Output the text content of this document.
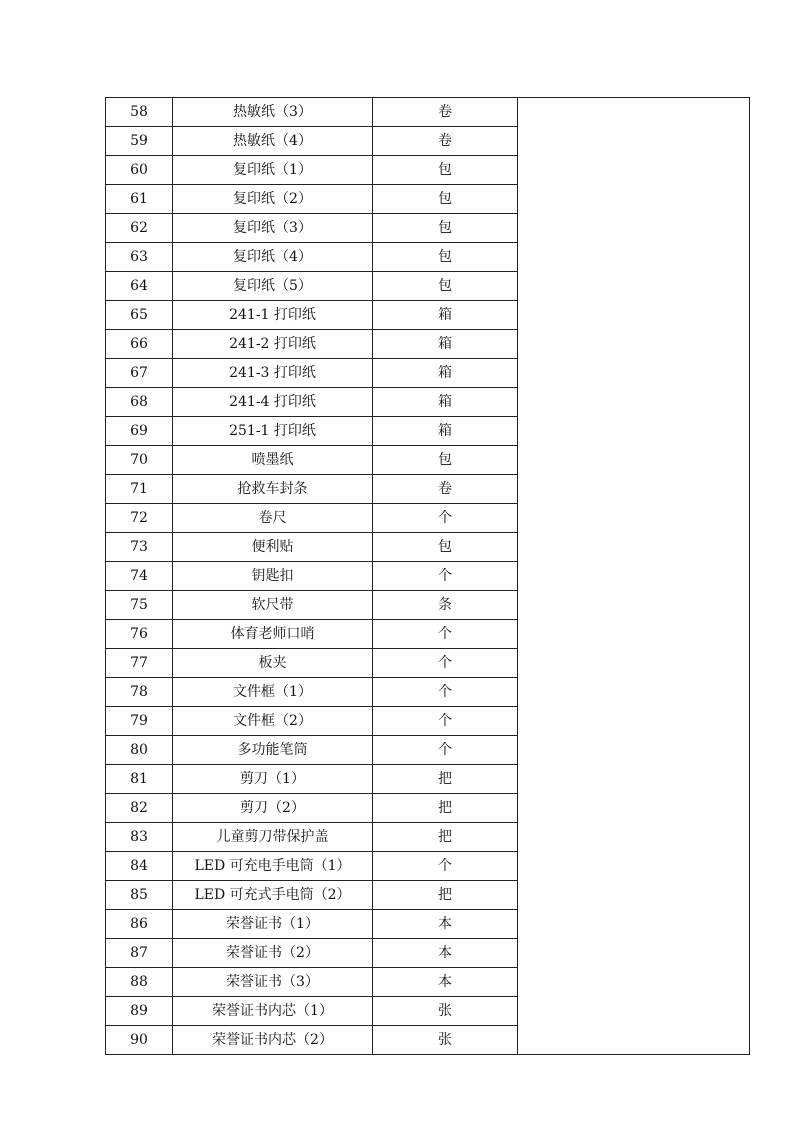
58	热敏纸（3）	卷	
59	热敏纸（4）	卷	
60	复印纸（1）	包	
61	复印纸（2）	包	
62	复印纸（3）	包	
63	复印纸（4）	包	
64	复印纸（5）	包	
65	241-1 打印纸	箱	
66	241-2 打印纸	箱	
67	241-3 打印纸	箱	
68	241-4 打印纸	箱	
69	251-1 打印纸	箱	
70	喷墨纸	包	
71	抢救车封条	卷	
72	卷尺	个	
73	便利贴	包	
74	钥匙扣	个	
75	软尺带	条	
76	体育老师口哨	个	
77	板夹	个	
78	文件框（1）	个	
79	文件框（2）	个	
80	多功能笔筒	个	
81	剪刀（1）	把	
82	剪刀（2）	把	
83	儿童剪刀带保护盖	把	
84	LED 可充电手电筒（1）	个	
85	LED 可充式手电筒（2）	把	
86	荣誉证书（1）	本	
87	荣誉证书（2）	本	
88	荣誉证书（3）	本	
89	荣誉证书内芯（1）	张	
90	荣誉证书内芯（2）	张	
